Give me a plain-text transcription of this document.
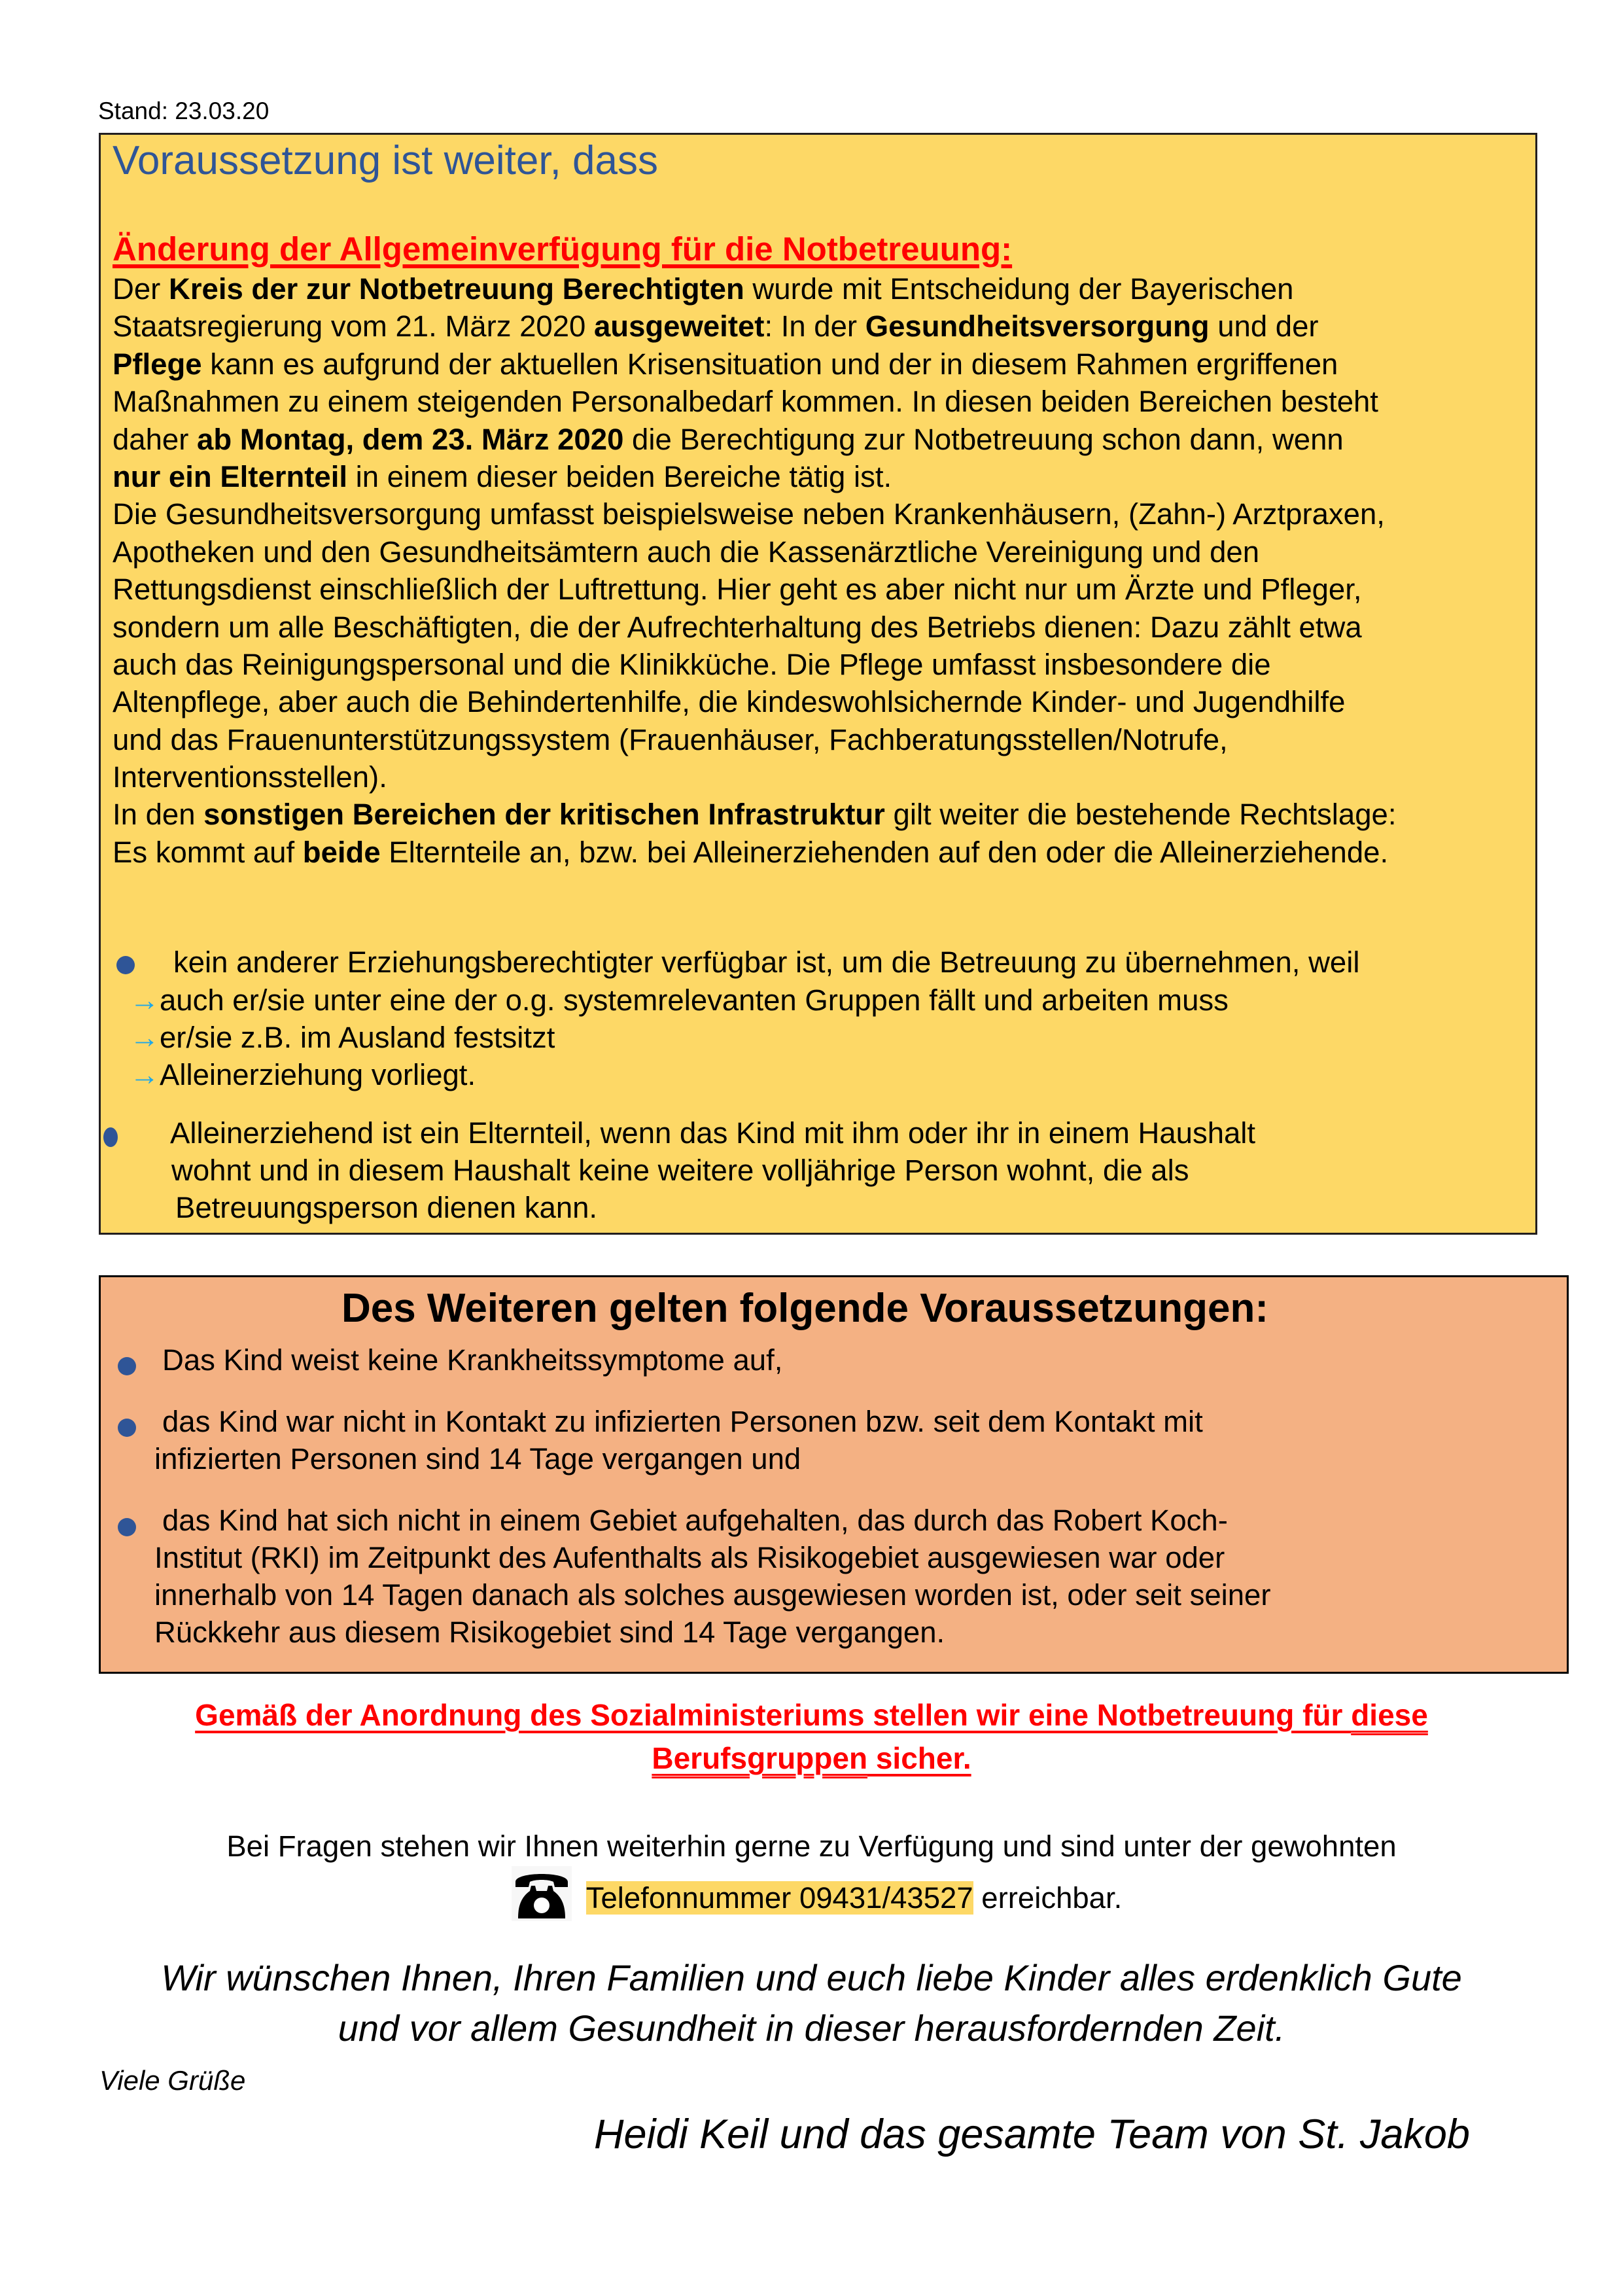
Stand: 23.03.20
Voraussetzung ist weiter, dass
Änderung der Allgemeinverfügung für die Notbetreuung:
Der Kreis der zur Notbetreuung Berechtigten wurde mit Entscheidung der Bayerischen
Staatsregierung vom 21. März 2020 ausgeweitet: In der Gesundheitsversorgung und der
Pflege kann es aufgrund der aktuellen Krisensituation und der in diesem Rahmen ergriffenen
Maßnahmen zu einem steigenden Personalbedarf kommen. In diesen beiden Bereichen besteht
daher ab Montag, dem 23. März 2020 die Berechtigung zur Notbetreuung schon dann, wenn
nur ein Elternteil in einem dieser beiden Bereiche tätig ist.
Die Gesundheitsversorgung umfasst beispielsweise neben Krankenhäusern, (Zahn-) Arztpraxen,
Apotheken und den Gesundheitsämtern auch die Kassenärztliche Vereinigung und den
Rettungsdienst einschließlich der Luftrettung. Hier geht es aber nicht nur um Ärzte und Pfleger,
sondern um alle Beschäftigten, die der Aufrechterhaltung des Betriebs dienen: Dazu zählt etwa
auch das Reinigungspersonal und die Klinikküche. Die Pflege umfasst insbesondere die
Altenpflege, aber auch die Behindertenhilfe, die kindeswohlsichernde Kinder- und Jugendhilfe
und das Frauenunterstützungssystem (Frauenhäuser, Fachberatungsstellen/Notrufe,
Interventionsstellen).
In den sonstigen Bereichen der kritischen Infrastruktur gilt weiter die bestehende Rechtslage:
Es kommt auf beide Elternteile an, bzw. bei Alleinerziehenden auf den oder die Alleinerziehende.
kein anderer Erziehungsberechtigter verfügbar ist, um die Betreuung zu übernehmen, weil
→auch er/sie unter eine der o.g. systemrelevanten Gruppen fällt und arbeiten muss
→er/sie z.B. im Ausland festsitzt
→Alleinerziehung vorliegt.
Alleinerziehend ist ein Elternteil, wenn das Kind mit ihm oder ihr in einem Haushalt
wohnt und in diesem Haushalt keine weitere volljährige Person wohnt, die als
Betreuungsperson dienen kann.
Des Weiteren gelten folgende Voraussetzungen:
Das Kind weist keine Krankheitssymptome auf,
das Kind war nicht in Kontakt zu infizierten Personen bzw. seit dem Kontakt mit
infizierten Personen sind 14 Tage vergangen und
das Kind hat sich nicht in einem Gebiet aufgehalten, das durch das Robert Koch-
Institut (RKI) im Zeitpunkt des Aufenthalts als Risikogebiet ausgewiesen war oder
innerhalb von 14 Tagen danach als solches ausgewiesen worden ist, oder seit seiner
Rückkehr aus diesem Risikogebiet sind 14 Tage vergangen.
Gemäß der Anordnung des Sozialministeriums stellen wir eine Notbetreuung für diese
Berufsgruppen sicher.
Bei Fragen stehen wir Ihnen weiterhin gerne zu Verfügung und sind unter der gewohnten
Telefonnummer 09431/43527 erreichbar.
Wir wünschen Ihnen, Ihren Familien und euch liebe Kinder alles erdenklich Gute
und vor allem Gesundheit in dieser herausfordernden Zeit.
Viele Grüße
Heidi Keil und das gesamte Team von St. Jakob
